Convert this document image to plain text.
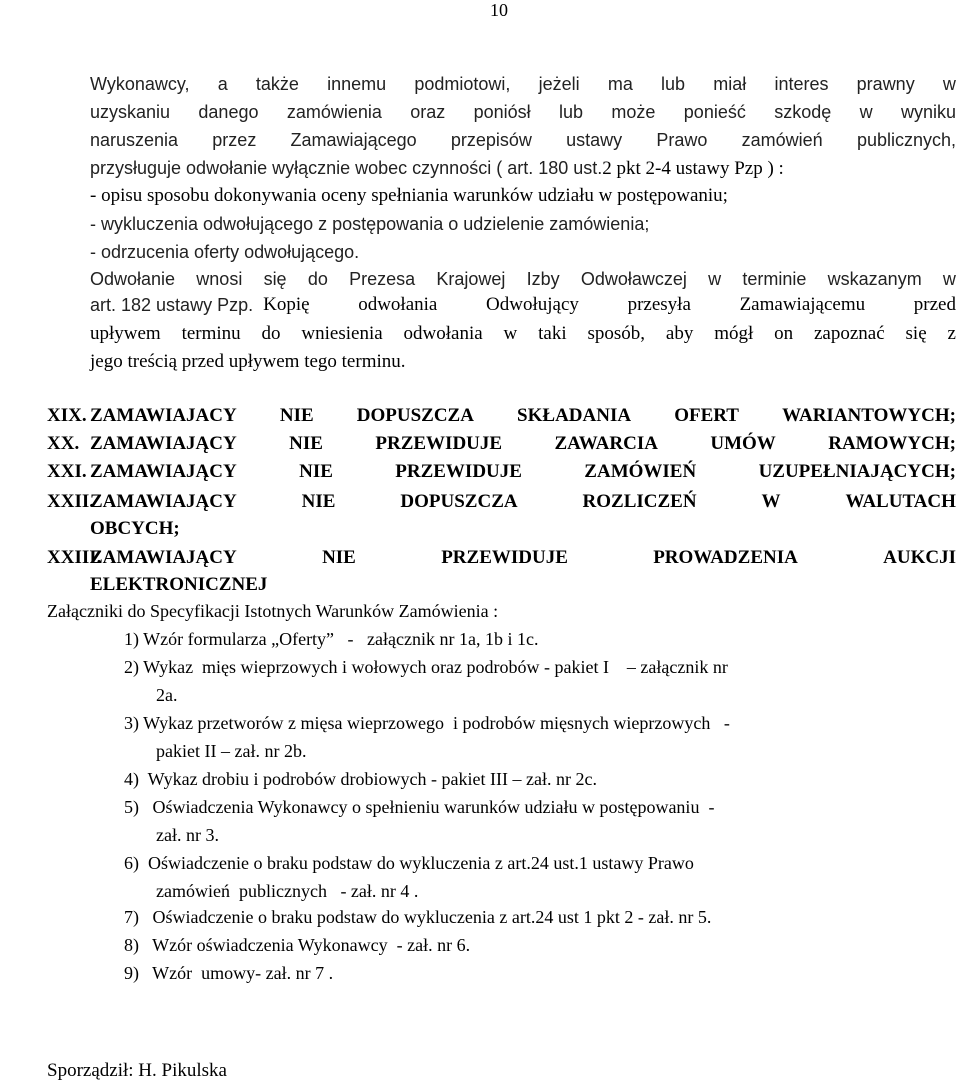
10
Wykonawcy, a także innemu podmiotowi, jeżeli ma lub miał interes prawny w
uzyskaniu danego zamówienia oraz poniósł lub może ponieść szkodę w wyniku
naruszenia przez Zamawiającego przepisów ustawy Prawo zamówień publicznych,
przysługuje odwołanie wyłącznie wobec czynności ( art. 180 ust.2 pkt 2-4 ustawy Pzp ) :
- opisu sposobu dokonywania oceny spełniania warunków udziału w postępowaniu;
- wykluczenia odwołującego z postępowania o udzielenie zamówienia;
- odrzucenia oferty odwołującego.
Odwołanie wnosi się do Prezesa Krajowej Izby Odwoławczej w terminie wskazanym w
art. 182 ustawy Pzp. Kopię	odwołania	Odwołujący	przesyła	Zamawiającemu	przed
upływem terminu do wniesienia odwołania w taki sposób, aby mógł on zapoznać się z
jego treścią przed upływem tego terminu.
XIX. ZAMAWIAJACY NIE DOPUSZCZA SKŁADANIA OFERT WARIANTOWYCH;
XX. ZAMAWIAJĄCY	NIE	PRZEWIDUJE	ZAWARCIA	UMÓW	RAMOWYCH;
XXI. ZAMAWIAJĄCY	NIE	PRZEWIDUJE	ZAMÓWIEŃ	UZUPEŁNIAJĄCYCH;
XXII.
ZAMAWIAJĄCY	NIE	DOPUSZCZA	ROZLICZEŃ	W	WALUTACH
OBCYCH;
XXIII.
ZAMAWIAJĄCY	NIE	PRZEWIDUJE	PROWADZENIA	AUKCJI
ELEKTRONICZNEJ
Załączniki do Specyfikacji Istotnych Warunków Zamówienia :
1) Wzór formularza „Oferty”   -   załącznik nr 1a, 1b i 1c.
2) Wykaz  mięs wieprzowych i wołowych oraz podrobów - pakiet I    – załącznik nr
2a.
3) Wykaz przetworów z mięsa wieprzowego  i podrobów mięsnych wieprzowych   -
pakiet II – zał. nr 2b.
4)  Wykaz drobiu i podrobów drobiowych - pakiet III – zał. nr 2c.
5)   Oświadczenia Wykonawcy o spełnieniu warunków udziału w postępowaniu  -
zał. nr 3.
6)  Oświadczenie o braku podstaw do wykluczenia z art.24 ust.1 ustawy Prawo
zamówień  publicznych   - zał. nr 4 .
7)   Oświadczenie o braku podstaw do wykluczenia z art.24 ust 1 pkt 2 - zał. nr 5.
8)   Wzór oświadczenia Wykonawcy  - zał. nr 6.
9)   Wzór  umowy- zał. nr 7 .
Sporządził: H. Pikulska
